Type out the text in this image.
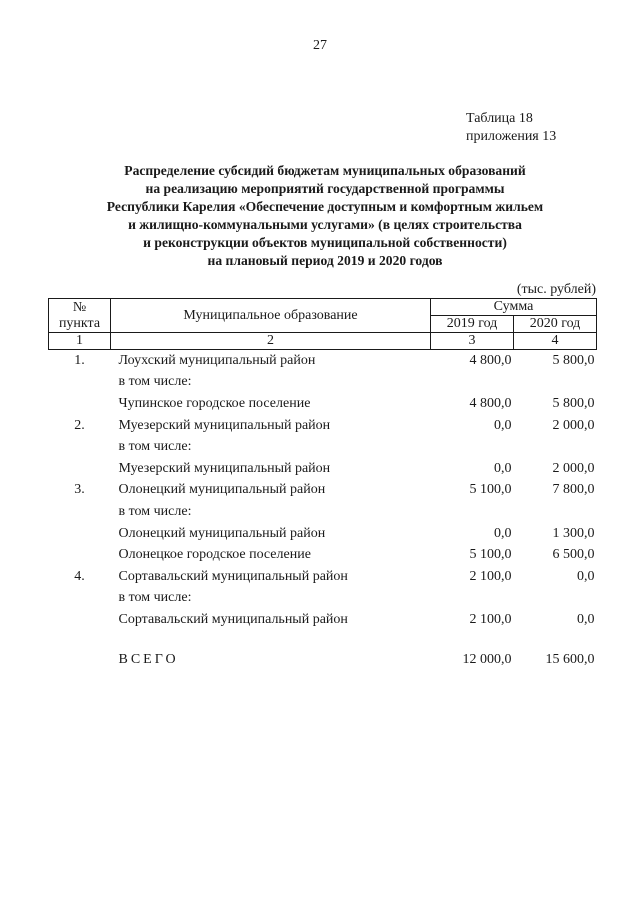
27
Таблица 18
приложения 13
Распределение субсидий бюджетам муниципальных образований
на реализацию мероприятий государственной программы
Республики Карелия «Обеспечение доступным и комфортным жильем
и жилищно-коммунальными услугами» (в целях строительства
и реконструкции объектов муниципальной собственности)
на плановый период 2019 и 2020 годов
(тыс. рублей)
№
пункта	Муниципальное образование	Сумма	
		2019 год	2020 год
1	2	3	4
1.	Лоухский муниципальный район	4 800,0	5 800,0
	в том числе:		
	Чупинское городское поселение	4 800,0	5 800,0
2.	Муезерский муниципальный район	0,0	2 000,0
	в том числе:		
	Муезерский муниципальный район	0,0	2 000,0
3.	Олонецкий муниципальный район	5 100,0	7 800,0
	в том числе:		
	Олонецкий муниципальный район	0,0	1 300,0
	Олонецкое городское поселение	5 100,0	6 500,0
4.	Сортавальский муниципальный район	2 100,0	0,0
	в том числе:		
	Сортавальский муниципальный район	2 100,0	0,0

	ВСЕГО	12 000,0	15 600,0
